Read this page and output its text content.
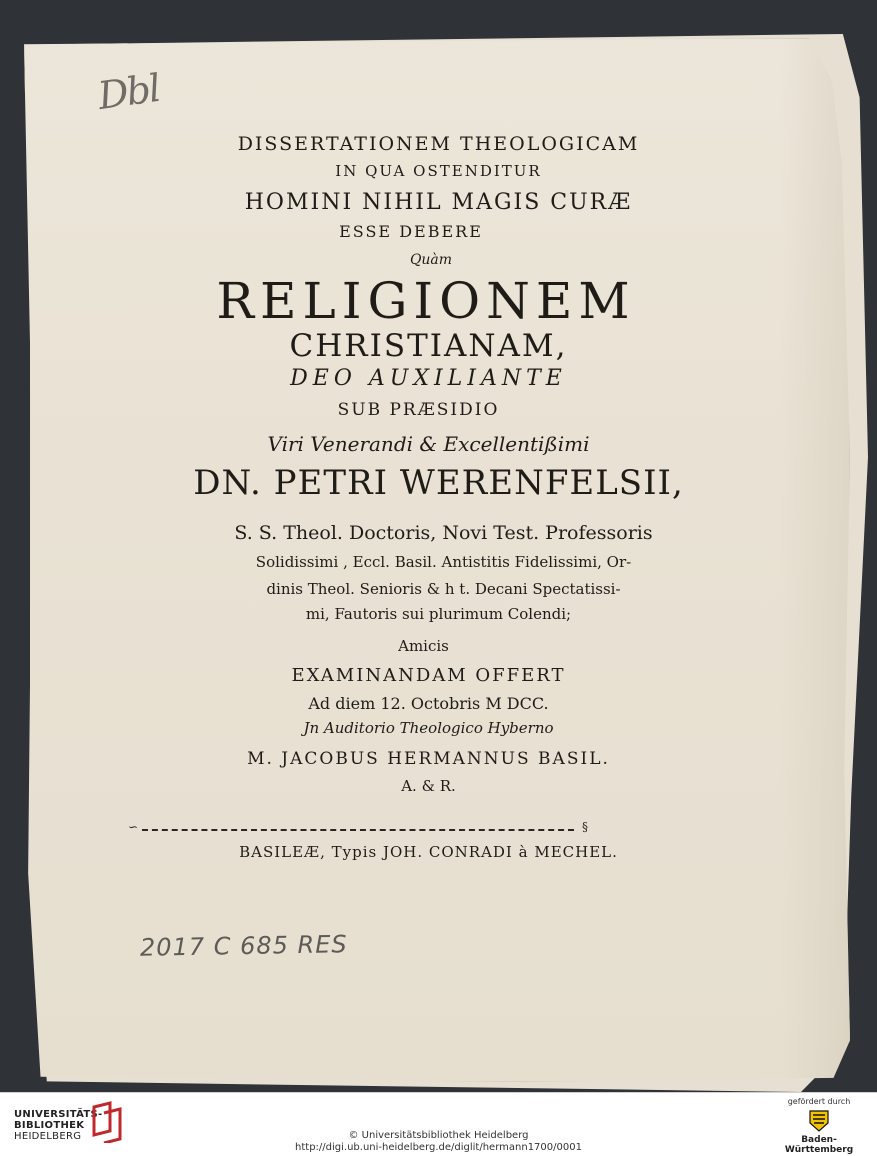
Dbl
DISSERTATIONEM THEOLOGICAM
IN QUA OSTENDITUR
HOMINI NIHIL MAGIS CURÆ
ESSE DEBERE
Quàm
RELIGIONEM
CHRISTIANAM,
DEO AUXILIANTE
SUB PRÆSIDIO
Viri Venerandi & Excellentißimi
DN. PETRI WERENFELSII,
S. S. Theol. Doctoris, Novi Test. Professoris
Solidissimi , Eccl. Basil. Antistitis Fidelissimi, Or-
dinis Theol. Senioris & h t. Decani Spectatissi-
mi, Fautoris sui plurimum Colendi;
Amicis
EXAMINANDAM OFFERT
Ad diem 12. Octobris M DCC.
Jn Auditorio Theologico Hyberno
M. JACOBUS HERMANNUS BASIL.
A. & R.
∽	§
BASILEÆ, Typis JOH. CONRADI à MECHEL.
2017 C 685 RES
UNIVERSITÄTS-
BIBLIOTHEK
HEIDELBERG	© Universitätsbibliothek Heidelberg
http://digi.ub.uni-heidelberg.de/diglit/hermann1700/0001
gefördert durch
Baden-Württemberg
